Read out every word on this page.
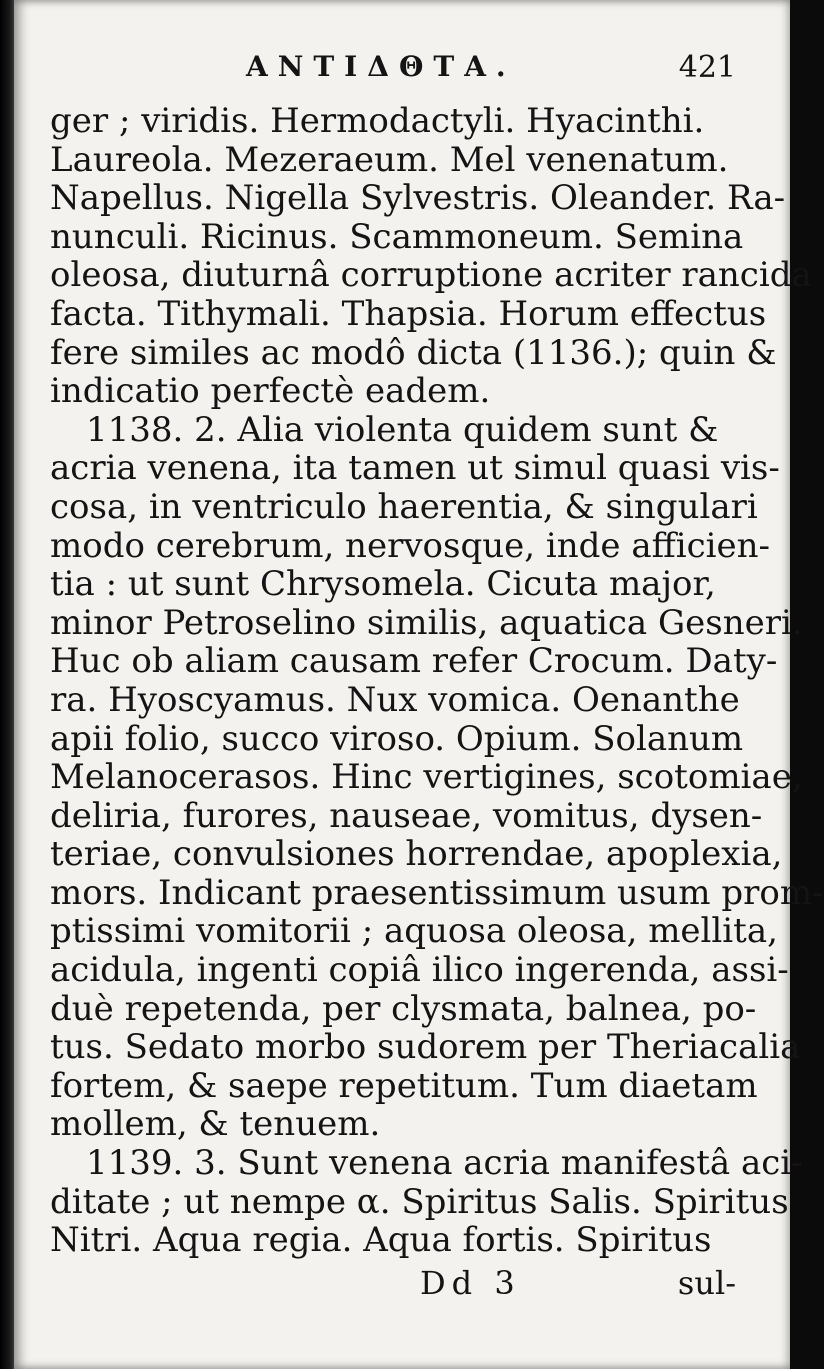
ANTIΔΘΤΑ.	421
ger ; viridis. Hermodactyli. Hyacinthi.
Laureola. Mezeraeum. Mel venenatum.
Napellus. Nigella Sylvestris. Oleander. Ra-
nunculi. Ricinus. Scammoneum. Semina
oleosa, diuturnâ corruptione acriter rancida
facta. Tithymali. Thapsia. Horum effectus
fere similes ac modô dicta (1136.); quin &
indicatio perfectè eadem.
1138. 2. Alia violenta quidem sunt &
acria venena, ita tamen ut simul quasi vis-
cosa, in ventriculo haerentia, & singulari
modo cerebrum, nervosque, inde afficien-
tia : ut sunt Chrysomela. Cicuta major,
minor Petroselino similis, aquatica Gesneri.
Huc ob aliam causam refer Crocum. Daty-
ra. Hyoscyamus. Nux vomica. Oenanthe
apii folio, succo viroso. Opium. Solanum
Melanocerasos. Hinc vertigines, scotomiae,
deliria, furores, nauseae, vomitus, dysen-
teriae, convulsiones horrendae, apoplexia,
mors. Indicant praesentissimum usum prom-
ptissimi vomitorii ; aquosa oleosa, mellita,
acidula, ingenti copiâ ilico ingerenda, assi-
duè repetenda, per clysmata, balnea, po-
tus. Sedato morbo sudorem per Theriacalia
fortem, & saepe repetitum. Tum diaetam
mollem, & tenuem.
1139. 3. Sunt venena acria manifestâ aci-
ditate ; ut nempe α. Spiritus Salis. Spiritus
Nitri. Aqua regia. Aqua fortis. Spiritus
Dd 3	sul-
